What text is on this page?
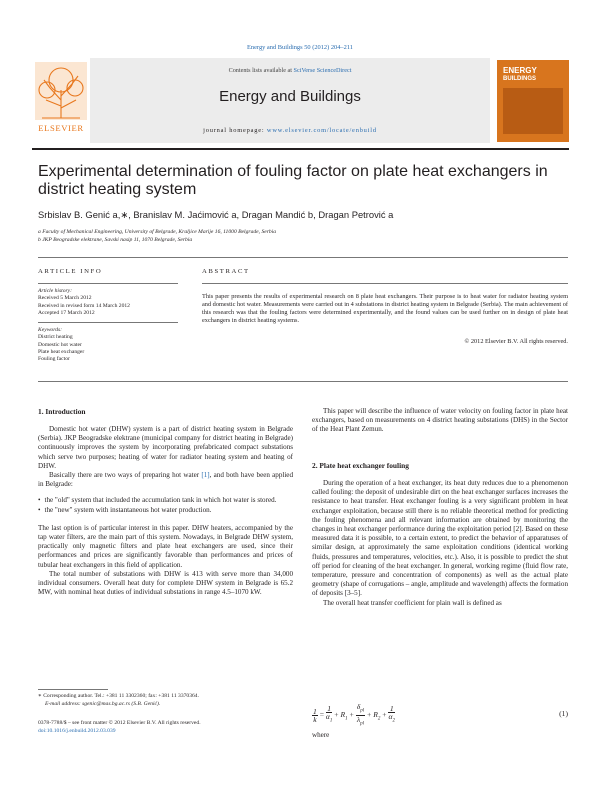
Energy and Buildings 50 (2012) 204–211
ELSEVIER
Contents lists available at SciVerse ScienceDirect
Energy and Buildings
journal homepage: www.elsevier.com/locate/enbuild
ENERGY
BUILDINGS
Experimental determination of fouling factor on plate heat exchangers in district heating system
Srbislav B. Genić a,∗, Branislav M. Jaćimović a, Dragan Mandić b, Dragan Petrović a
a Faculty of Mechanical Engineering, University of Belgrade, Kraljice Marije 16, 11000 Belgrade, Serbia
b JKP Beogradske elektrane, Savski nasip 11, 1070 Belgrade, Serbia
ARTICLE INFO
Article history:
Received 5 March 2012
Received in revised form 14 March 2012
Accepted 17 March 2012
Keywords:
District heating
Domestic hot water
Plate heat exchanger
Fouling factor
ABSTRACT
This paper presents the results of experimental research on 8 plate heat exchangers. Their purpose is to heat water for radiator heating system and domestic hot water. Measurements were carried out in 4 substations in district heating system in Belgrade (Serbia). The main achievement of this research was that the fouling factors were determined experimentally, and the found values can be used further on in design of plate heat exchangers in district heating systems.
© 2012 Elsevier B.V. All rights reserved.
1. Introduction

Domestic hot water (DHW) system is a part of district heating system in Belgrade (Serbia). JKP Beogradske elektrane (municipal company for district heating in Belgrade) continuously improves the system by incorporating prefabricated compact substations which serve two purposes; heating of water for radiator heating system and heating of DHW.

Basically there are two ways of preparing hot water [1], and both have been applied in Belgrade:

• the "old" system that included the accumulation tank in which hot water is stored.
• the "new" system with instantaneous hot water production.

The last option is of particular interest in this paper. DHW heaters, accompanied by the tap water filters, are the main part of this system. Nowadays, in Belgrade DHW system, practically only magnetic filters and plate heat exchangers are used, since their performances and prices are significantly favorable than performances and prices of tubular heat exchangers in this field of application.

The total number of substations with DHW is 413 with serve more than 34,000 individual consumers. Overall heat duty for complete DHW system in Belgrade is 65.2 MW, with nominal heat duties of individual substations in range 4.5–1070 kW.

∗ Corresponding author. Tel.: +381 11 3302360; fax: +381 11 3370364.
E-mail address: sgenic@mas.bg.ac.rs (S.B. Genić).
0378-7788/$ – see front matter © 2012 Elsevier B.V. All rights reserved.
doi:10.1016/j.enbuild.2012.03.039

This paper will describe the influence of water velocity on fouling factor in plate heat exchangers, based on measurements on 4 district heating substations (DHS) in the Sector of the Heat Plant Zemun.

2. Plate heat exchanger fouling

During the operation of a heat exchanger, its heat duty reduces due to a phenomenon called fouling: the deposit of undesirable dirt on the heat exchanger surfaces increases the resistance to heat transfer. Heat exchanger fouling is a very significant problem in heat exchanger exploitation, because still there is no reliable theoretical method for predicting the fouling phenomena and all relevant information are obtained by monitoring the changes in heat exchanger performance during the exploitation period [2]. Based on these measured data it is possible, to a certain extent, to predict the behavior of apparatuses of similar design, at approximately the same exploitation conditions (identical working fluids, pressures and temperatures, velocities, etc.). Also, it is possible to predict the shut off period for cleaning of the heat exchanger. In general, working regime (fluid flow rate, temperature, pressure and concentration of components) as well as the actual plate geometry (shape of corrugations – angle, amplitude and wavelength) affects the formation of deposits [3–5].

The overall heat transfer coefficient for plain wall is defined as

$\frac{1}{k} = \frac{1}{\alpha_1} + R_1 + \frac{\delta_{pl}}{\lambda_{pl}} + R_2 + \frac{1}{\alpha_2}$	(1)
where
